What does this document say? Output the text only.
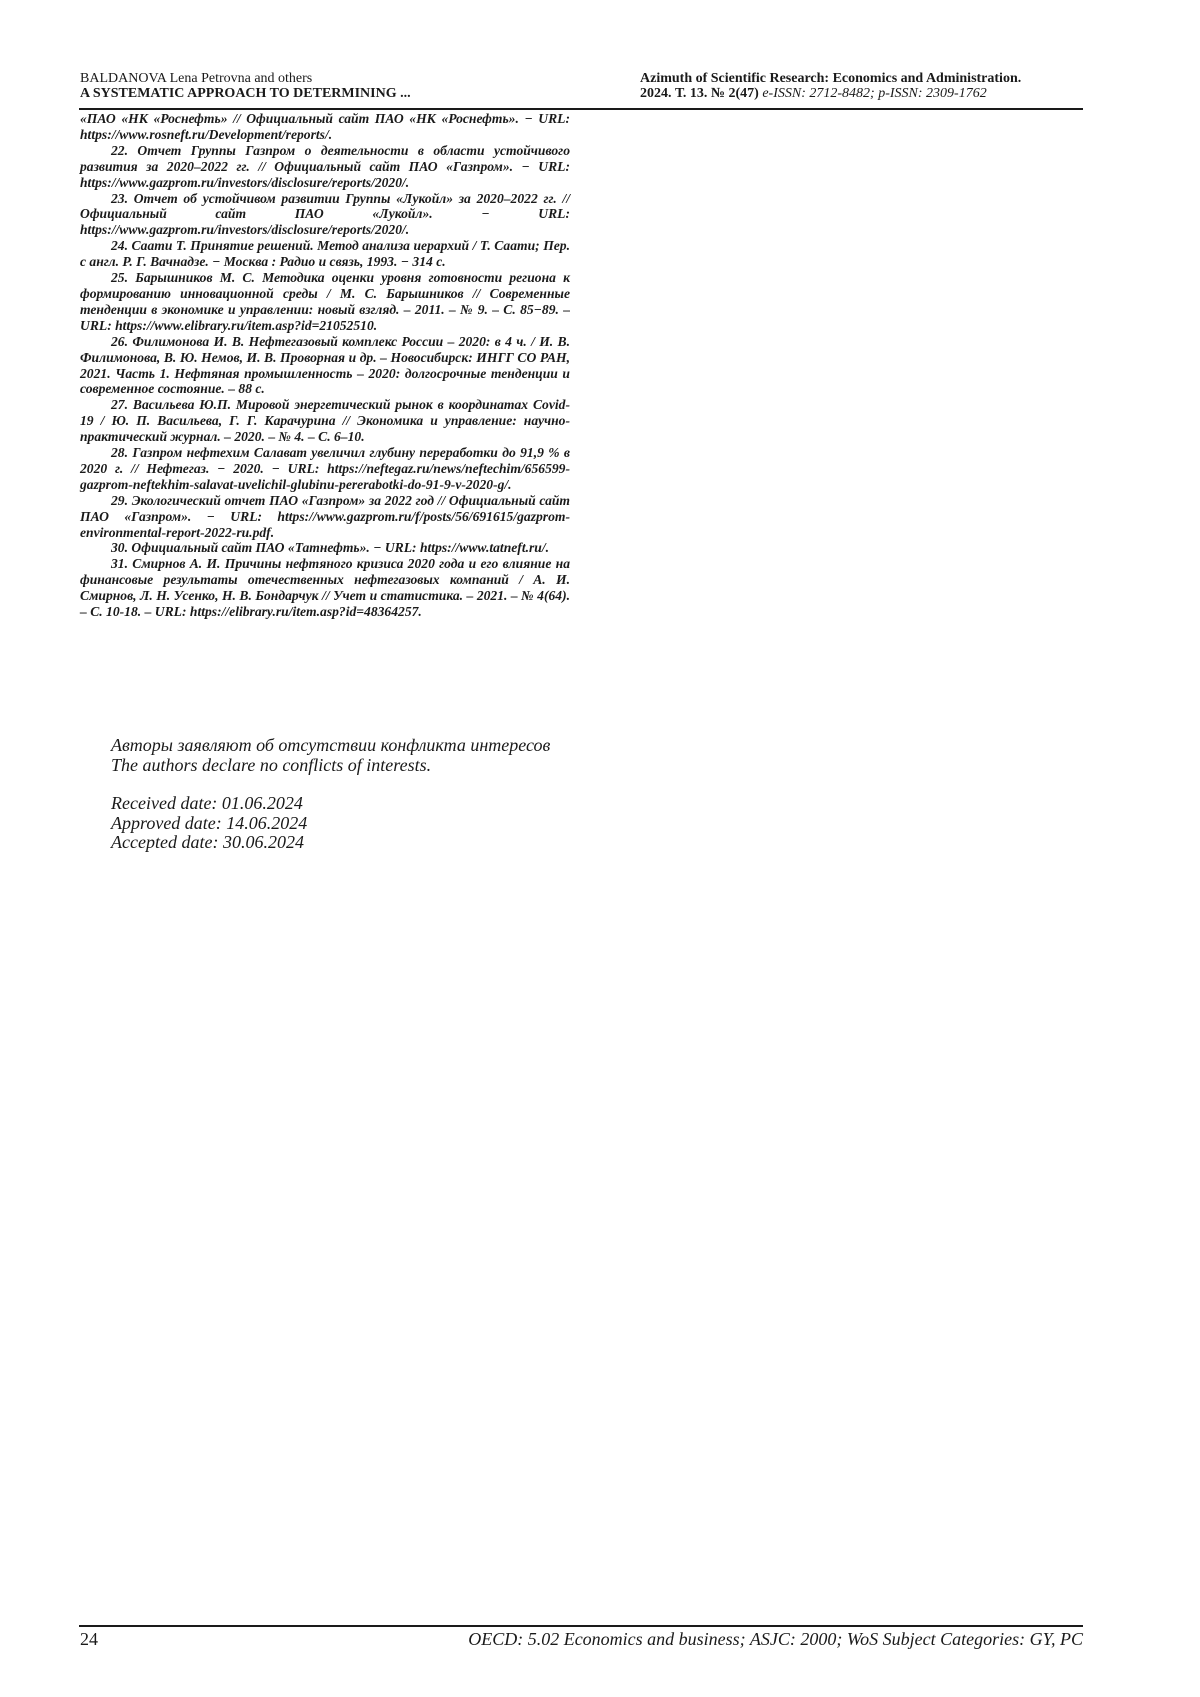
BALDANOVA Lena Petrovna and others
A SYSTEMATIC APPROACH TO DETERMINING ...
Azimuth of Scientific Research: Economics and Administration.
2024. Т. 13. № 2(47) e-ISSN: 2712-8482; p-ISSN: 2309-1762

«ПАО «НК «Роснефть» // Официальный сайт ПАО «НК «Роснефть». − URL: https://www.rosneft.ru/Development/reports/.

22. Отчет Группы Газпром о деятельности в области устойчивого развития за 2020–2022 гг. // Официальный сайт ПАО «Газпром». − URL: https://www.gazprom.ru/investors/disclosure/reports/2020/.

23. Отчет об устойчивом развитии Группы «Лукойл» за 2020–2022 гг. // Официальный сайт ПАО «Лукойл». − URL: https://www.gazprom.ru/investors/disclosure/reports/2020/.

24. Саати Т. Принятие решений. Метод анализа иерархий / Т. Саати; Пер. с англ. Р. Г. Вачнадзе. − Москва : Радио и связь, 1993. − 314 с.

25. Барышников М. С. Методика оценки уровня готовности региона к формированию инновационной среды / М. С. Барышников // Современные тенденции в экономике и управлении: новый взгляд. – 2011. – № 9. – С. 85−89. – URL: https://www.elibrary.ru/item.asp?id=21052510.

26. Филимонова И. В. Нефтегазовый комплекс России – 2020: в 4 ч. / И. В. Филимонова, В. Ю. Немов, И. В. Проворная и др. – Новосибирск: ИНГГ СО РАН, 2021. Часть 1. Нефтяная промышленность – 2020: долгосрочные тенденции и современное состояние. – 88 с.

27. Васильева Ю.П. Мировой энергетический рынок в координатах Covid-19 / Ю. П. Васильева, Г. Г. Карачурина // Экономика и управление: научно-практический журнал. – 2020. – № 4. – С. 6–10.

28. Газпром нефтехим Салават увеличил глубину переработки до 91,9 % в 2020 г. // Нефтегаз. − 2020. − URL: https://neftegaz.ru/news/neftechim/656599-gazprom-neftekhim-salavat-uvelichil-glubinu-pererabotki-do-91-9-v-2020-g/.

29. Экологический отчет ПАО «Газпром» за 2022 год // Официальный сайт ПАО «Газпром». − URL: https://www.gazprom.ru/f/posts/56/691615/gazprom-environmental-report-2022-ru.pdf.

30. Официальный сайт ПАО «Татнефть». − URL: https://www.tatneft.ru/.

31. Смирнов А. И. Причины нефтяного кризиса 2020 года и его влияние на финансовые результаты отечественных нефтегазовых компаний / А. И. Смирнов, Л. Н. Усенко, Н. В. Бондарчук // Учет и статистика. – 2021. – № 4(64). – С. 10-18. – URL: https://elibrary.ru/item.asp?id=48364257.

Авторы заявляют об отсутствии конфликта интересов

The authors declare no conflicts of interests.

Received date: 01.06.2024
Approved date: 14.06.2024
Accepted date: 30.06.2024
24	OECD: 5.02 Economics and business; ASJC: 2000; WoS Subject Categories: GY, PC
